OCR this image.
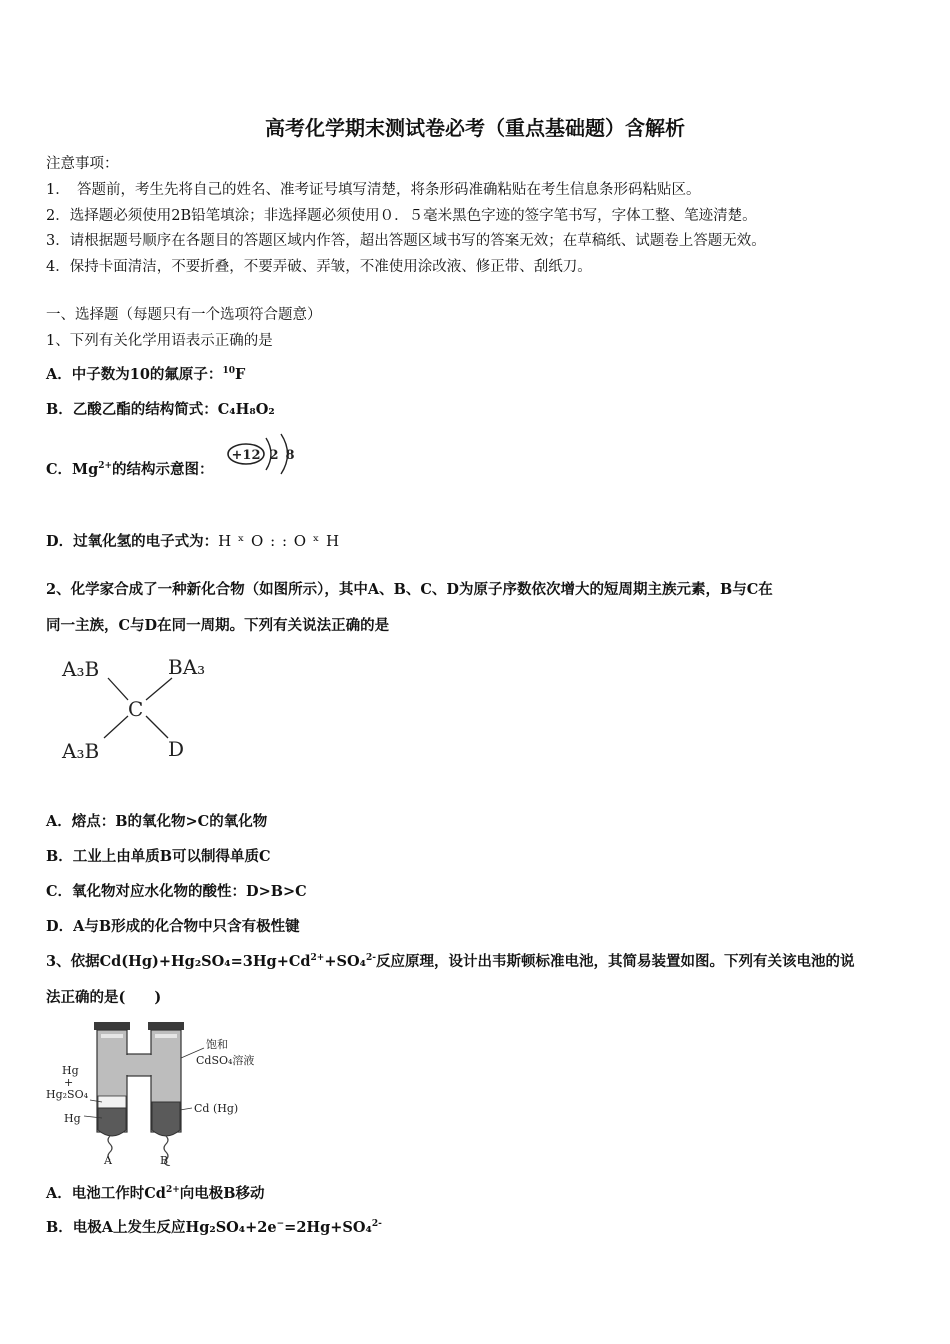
高考化学期末测试卷必考（重点基础题）含解析
注意事项：
1．　答题前，考生先将自己的姓名、准考证号填写清楚，将条形码准确粘贴在考生信息条形码粘贴区。
2．选择题必须使用2B铅笔填涂；非选择题必须使用０．５毫米黑色字迹的签字笔书写，字体工整、笔迹清楚。
3．请根据题号顺序在各题目的答题区域内作答，超出答题区域书写的答案无效；在草稿纸、试题卷上答题无效。
4．保持卡面清洁，不要折叠，不要弄破、弄皱，不准使用涂改液、修正带、刮纸刀。
一、选择题（每题只有一个选项符合题意）
1、下列有关化学用语表示正确的是
A．中子数为10的氟原子：$^{10}$F
B．乙酸乙酯的结构简式：C₄H₈O₂
C．$Mg^{2+}$的结构示意图：
+12 2 8
D．过氧化氢的电子式为：H ˣ O : : O ˣ H
2、化学家合成了一种新化合物（如图所示），其中A、B、C、D为原子序数依次增大的短周期主族元素，B与C在
同一主族，C与D在同一周期。下列有关说法正确的是
A₃B	BA₃
C
A₃B	D
A．熔点：B的氧化物>C的氧化物
B．工业上由单质B可以制得单质C
C．氧化物对应水化物的酸性：D>B>C
D．A与B形成的化合物中只含有极性键
3、依据$Cd(Hg)+Hg_2SO_4=3Hg+Cd^{2+}+SO_4^{2-}$反应原理，设计出韦斯顿标准电池，其简易装置如图。下列有关该电池的说
法正确的是(　　)
饱和
CdSO₄溶液
Hg
+
Hg₂SO₄
Hg
Cd (Hg)
A	B
A．电池工作时$Cd^{2+}$向电极B移动
B．电极A上发生反应Hg₂SO₄+2e−=2Hg+SO₄$^{2-}$
